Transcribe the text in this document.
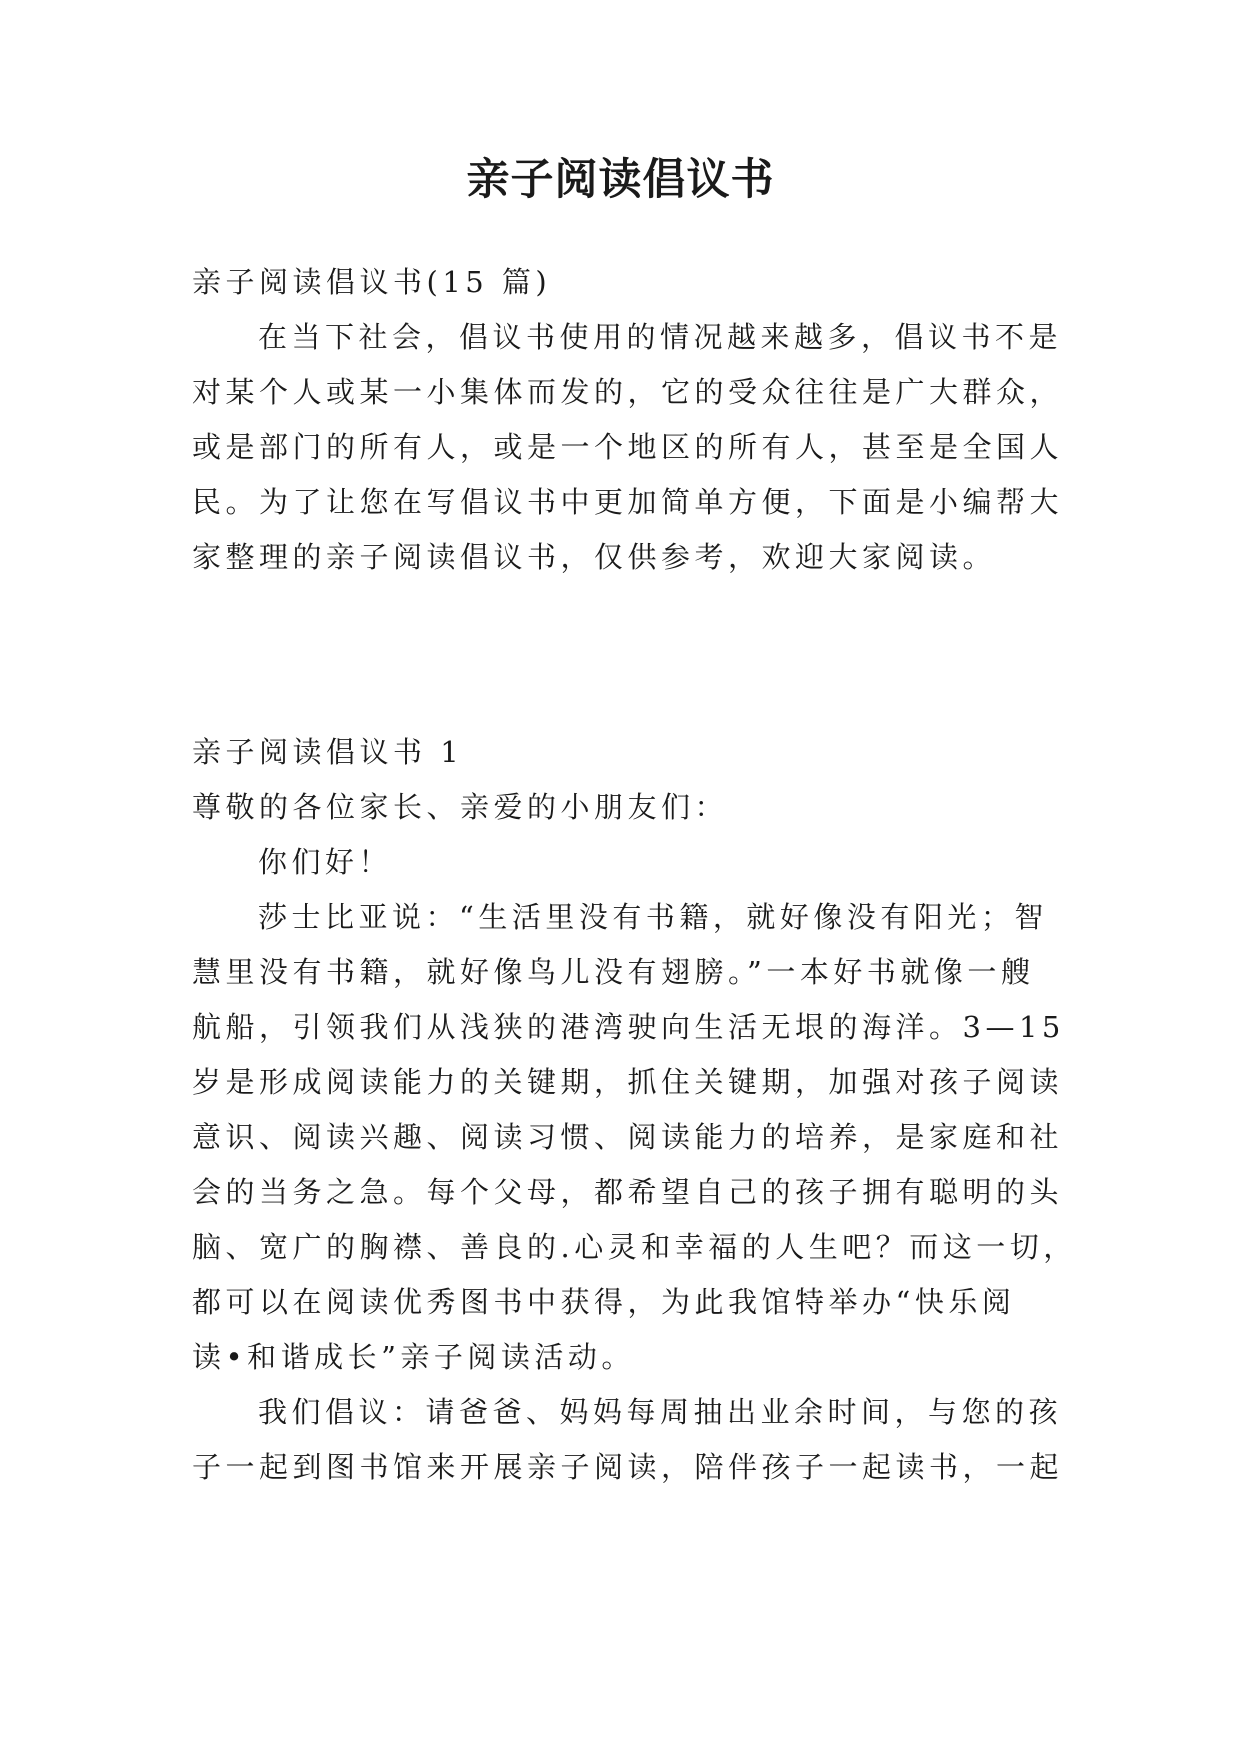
亲子阅读倡议书
亲子阅读倡议书(15 篇)
在当下社会，倡议书使用的情况越来越多，倡议书不是
对某个人或某一小集体而发的，它的受众往往是广大群众，
或是部门的所有人，或是一个地区的所有人，甚至是全国人
民。为了让您在写倡议书中更加简单方便，下面是小编帮大
家整理的亲子阅读倡议书，仅供参考，欢迎大家阅读。
亲子阅读倡议书 1
尊敬的各位家长、亲爱的小朋友们：
你们好！
莎士比亚说：“生活里没有书籍，就好像没有阳光；智
慧里没有书籍，就好像鸟儿没有翅膀。”一本好书就像一艘
航船，引领我们从浅狭的港湾驶向生活无垠的海洋。3—15
岁是形成阅读能力的关键期，抓住关键期，加强对孩子阅读
意识、阅读兴趣、阅读习惯、阅读能力的培养，是家庭和社
会的当务之急。每个父母，都希望自己的孩子拥有聪明的头
脑、宽广的胸襟、善良的.心灵和幸福的人生吧？而这一切，
都可以在阅读优秀图书中获得，为此我馆特举办“快乐阅
读•和谐成长”亲子阅读活动。
我们倡议：请爸爸、妈妈每周抽出业余时间，与您的孩
子一起到图书馆来开展亲子阅读，陪伴孩子一起读书，一起
